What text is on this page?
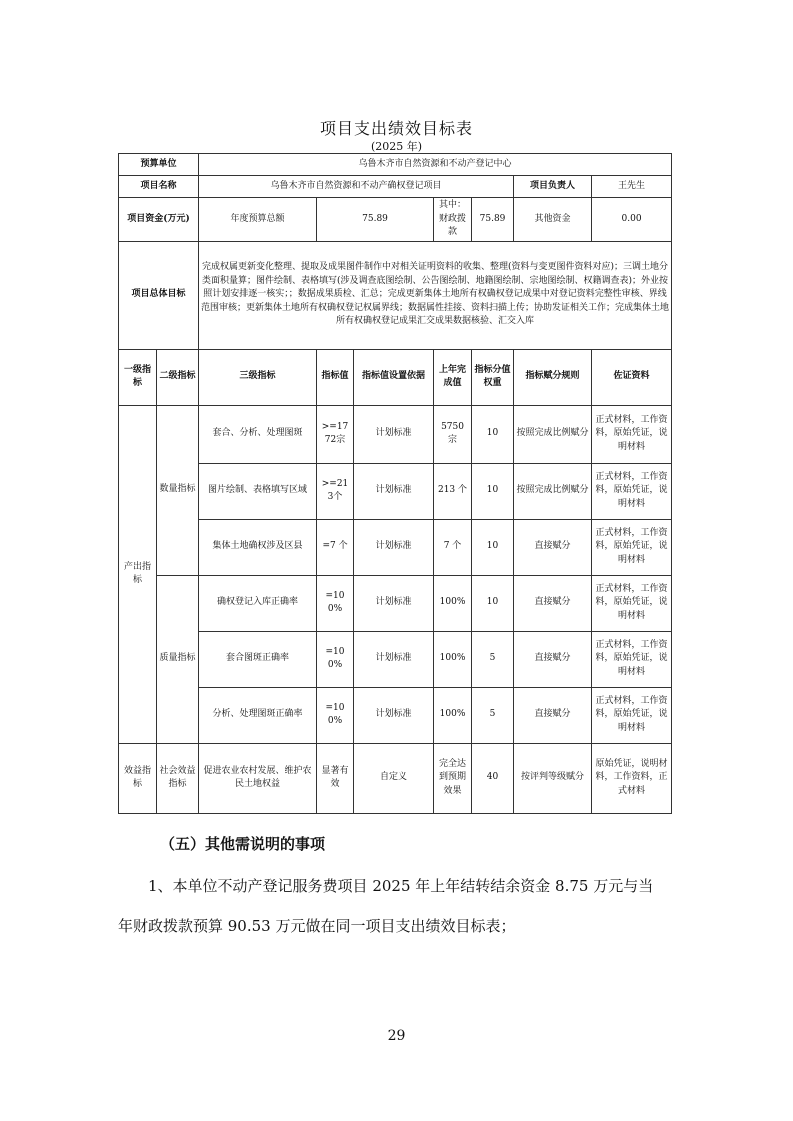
项目支出绩效目标表
(2025 年)
预算单位		乌鲁木齐市自然资源和不动产登记中心						
项目名称		乌鲁木齐市自然资源和不动产确权登记项目					项目负责人	王先生
项目资金(万元)		年度预算总额	75.89		其中：财政拨款	75.89	其他资金	0.00
项目总体目标		完成权属更新变化整理、提取及成果图件制作中对相关证明资料的收集、整理(资料与变更图件资料对应)；三调土地分类面积量算；图件绘制、表格填写(涉及调查底图绘制、公告图绘制、地籍图绘制、宗地图绘制、权籍调查表)；外业按照计划安排逐一核实；；数据成果质检、汇总；完成更新集体土地所有权确权登记成果中对登记资料完整性审核、界线范围审核；更新集体土地所有权确权登记权属界线；数据属性挂接、资料扫描上传；协助发证相关工作；完成集体土地所有权确权登记成果汇交成果数据核验、汇交入库						
一级指标	二级指标	三级指标	指标值	指标值设置依据	上年完成值	指标分值权重	指标赋分规则	佐证资料
产出指标	数量指标	套合、分析、处理图斑	>=1772宗	计划标准	5750 宗	10	按照完成比例赋分	正式材料，工作资料，原始凭证，说明材料
		图片绘制、表格填写区域	>=213个	计划标准	213 个	10	按照完成比例赋分	正式材料，工作资料，原始凭证，说明材料
		集体土地确权涉及区县	=7 个	计划标准	7 个	10	直接赋分	正式材料，工作资料，原始凭证，说明材料
	质量指标	确权登记入库正确率	=100%	计划标准	100%	10	直接赋分	正式材料，工作资料，原始凭证，说明材料
		套合图斑正确率	=100%	计划标准	100%	5	直接赋分	正式材料，工作资料，原始凭证，说明材料
		分析、处理图斑正确率	=100%	计划标准	100%	5	直接赋分	正式材料，工作资料，原始凭证，说明材料
效益指标	社会效益指标	促进农业农村发展、维护农民土地权益	显著有效	自定义	完全达到预期效果	40	按评判等级赋分	原始凭证，说明材料，工作资料，正式材料
（五）其他需说明的事项
1、本单位不动产登记服务费项目 2025 年上年结转结余资金 8.75 万元与当
年财政拨款预算 90.53 万元做在同一项目支出绩效目标表；
29
